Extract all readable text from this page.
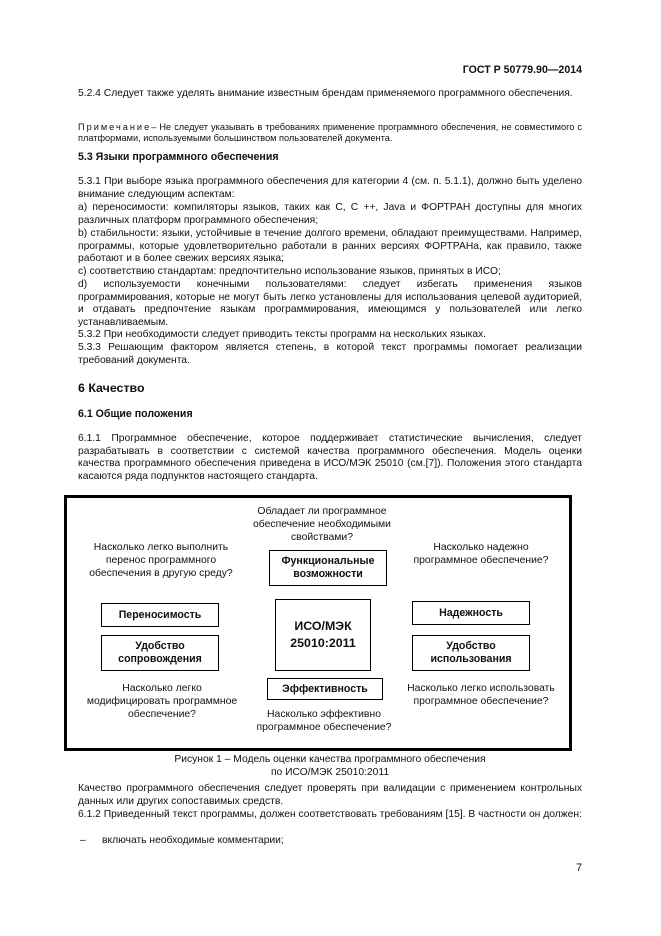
ГОСТ Р 50779.90—2014
5.2.4 Следует также уделять внимание известным брендам применяемого программного обеспечения.
Примечание– Не следует указывать в требованиях применение программного обеспечения, не совместимого с платформами, используемыми большинством пользователей документа.
5.3 Языки программного обеспечения
5.3.1 При выборе языка программного обеспечения для категории 4 (см. п. 5.1.1), должно быть уделено внимание следующим аспектам:
а) переносимости: компиляторы языков, таких как C, C ++, Java и ФОРТРАН доступны для многих различных платформ программного обеспечения;
b) стабильности: языки, устойчивые в течение долгого времени, обладают преимуществами. Например, программы, которые удовлетворительно работали в ранних версиях ФОРТРАНа, как правило, также работают и в более свежих версиях языка;
c) соответствию стандартам: предпочтительно использование языков, принятых в ИСО;
d) используемости конечными пользователями: следует избегать применения языков программирования, которые не могут быть легко установлены для использования целевой аудиторией, и отдавать предпочтение языкам программирования, имеющимся у пользователей или легко устанавливаемым.
5.3.2 При необходимости следует приводить тексты программ на нескольких языках.
5.3.3 Решающим фактором является степень, в которой текст программы помогает реализации требований документа.
6 Качество
6.1 Общие положения
6.1.1 Программное обеспечение, которое поддерживает статистические вычисления, следует разрабатывать в соответствии с системой качества программного обеспечения. Модель оценки качества программного обеспечения приведена в ИСО/МЭК 25010 (см.[7]). Положения этого стандарта касаются ряда подпунктов настоящего стандарта.
Обладает ли программное обеспечение необходимыми свойствами?
Функциональные возможности
Насколько легко выполнить перенос программного обеспечения в другую среду?
Насколько надежно программное обеспечение?
Переносимость
Удобство сопровождения
ИСО/МЭК 25010:2011
Надежность
Удобство использования
Эффективность
Насколько легко модифицировать программное обеспечение?	Насколько эффективно программное обеспечение?
Насколько легко использовать программное обеспечение?
Рисунок 1 – Модель оценки качества программного обеспечения
по ИСО/МЭК 25010:2011
Качество программного обеспечения следует проверять при валидации с применением контрольных данных или других сопоставимых средств.
6.1.2 Приведенный текст программы, должен соответствовать требованиям [15]. В частности он должен:
– включать необходимые комментарии;
7
